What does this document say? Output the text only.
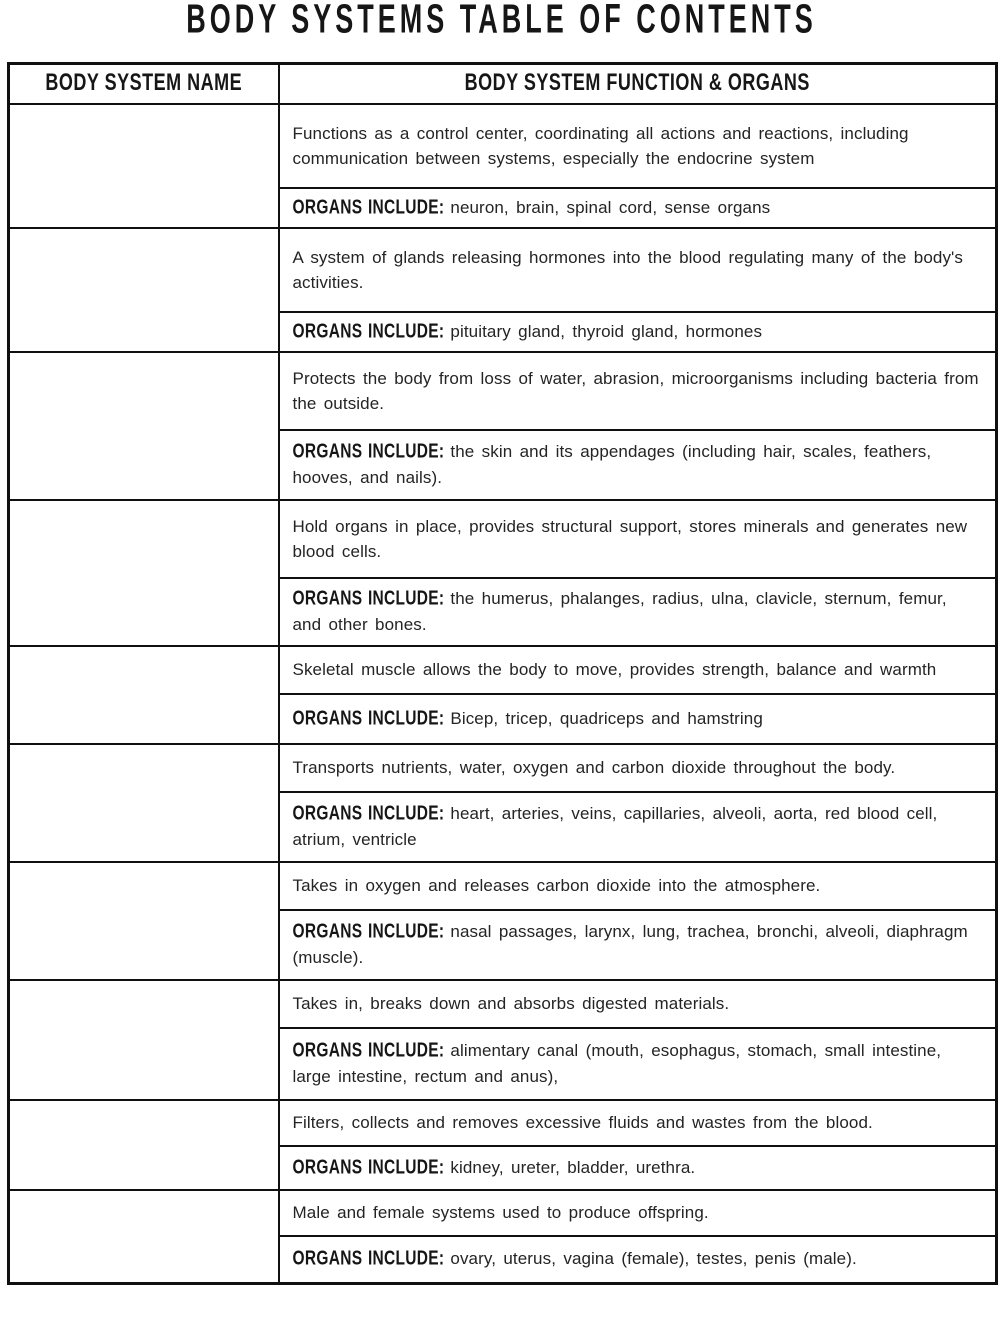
BODY SYSTEMS TABLE OF CONTENTS
BODY SYSTEM NAME	BODY SYSTEM FUNCTION & ORGANS
	Functions as a control center, coordinating all actions and reactions, including communication between systems, especially the endocrine system
	ORGANS INCLUDE: neuron, brain, spinal cord, sense organs
	A system of glands releasing hormones into the blood regulating many of the body's activities.
	ORGANS INCLUDE: pituitary gland, thyroid gland, hormones
	Protects the body from loss of water, abrasion, microorganisms including bacteria from the outside.
	ORGANS INCLUDE: the skin and its appendages (including hair, scales, feathers, hooves, and nails).
	Hold organs in place, provides structural support, stores minerals and generates new blood cells.
	ORGANS INCLUDE: the humerus, phalanges, radius, ulna, clavicle, sternum, femur, and other bones.
	Skeletal muscle allows the body to move, provides strength, balance and warmth
	ORGANS INCLUDE: Bicep, tricep, quadriceps and hamstring
	Transports nutrients, water, oxygen and carbon dioxide throughout the body.
	ORGANS INCLUDE: heart, arteries, veins, capillaries, alveoli, aorta, red blood cell, atrium, ventricle
	Takes in oxygen and releases carbon dioxide into the atmosphere.
	ORGANS INCLUDE: nasal passages, larynx, lung, trachea, bronchi, alveoli, diaphragm (muscle).
	Takes in, breaks down and absorbs digested materials.
	ORGANS INCLUDE: alimentary canal (mouth, esophagus, stomach, small intestine, large intestine, rectum and anus),
	Filters, collects and removes excessive fluids and wastes from the blood.
	ORGANS INCLUDE: kidney, ureter, bladder, urethra.
	Male and female systems used to produce offspring.
	ORGANS INCLUDE: ovary, uterus, vagina (female), testes, penis (male).
